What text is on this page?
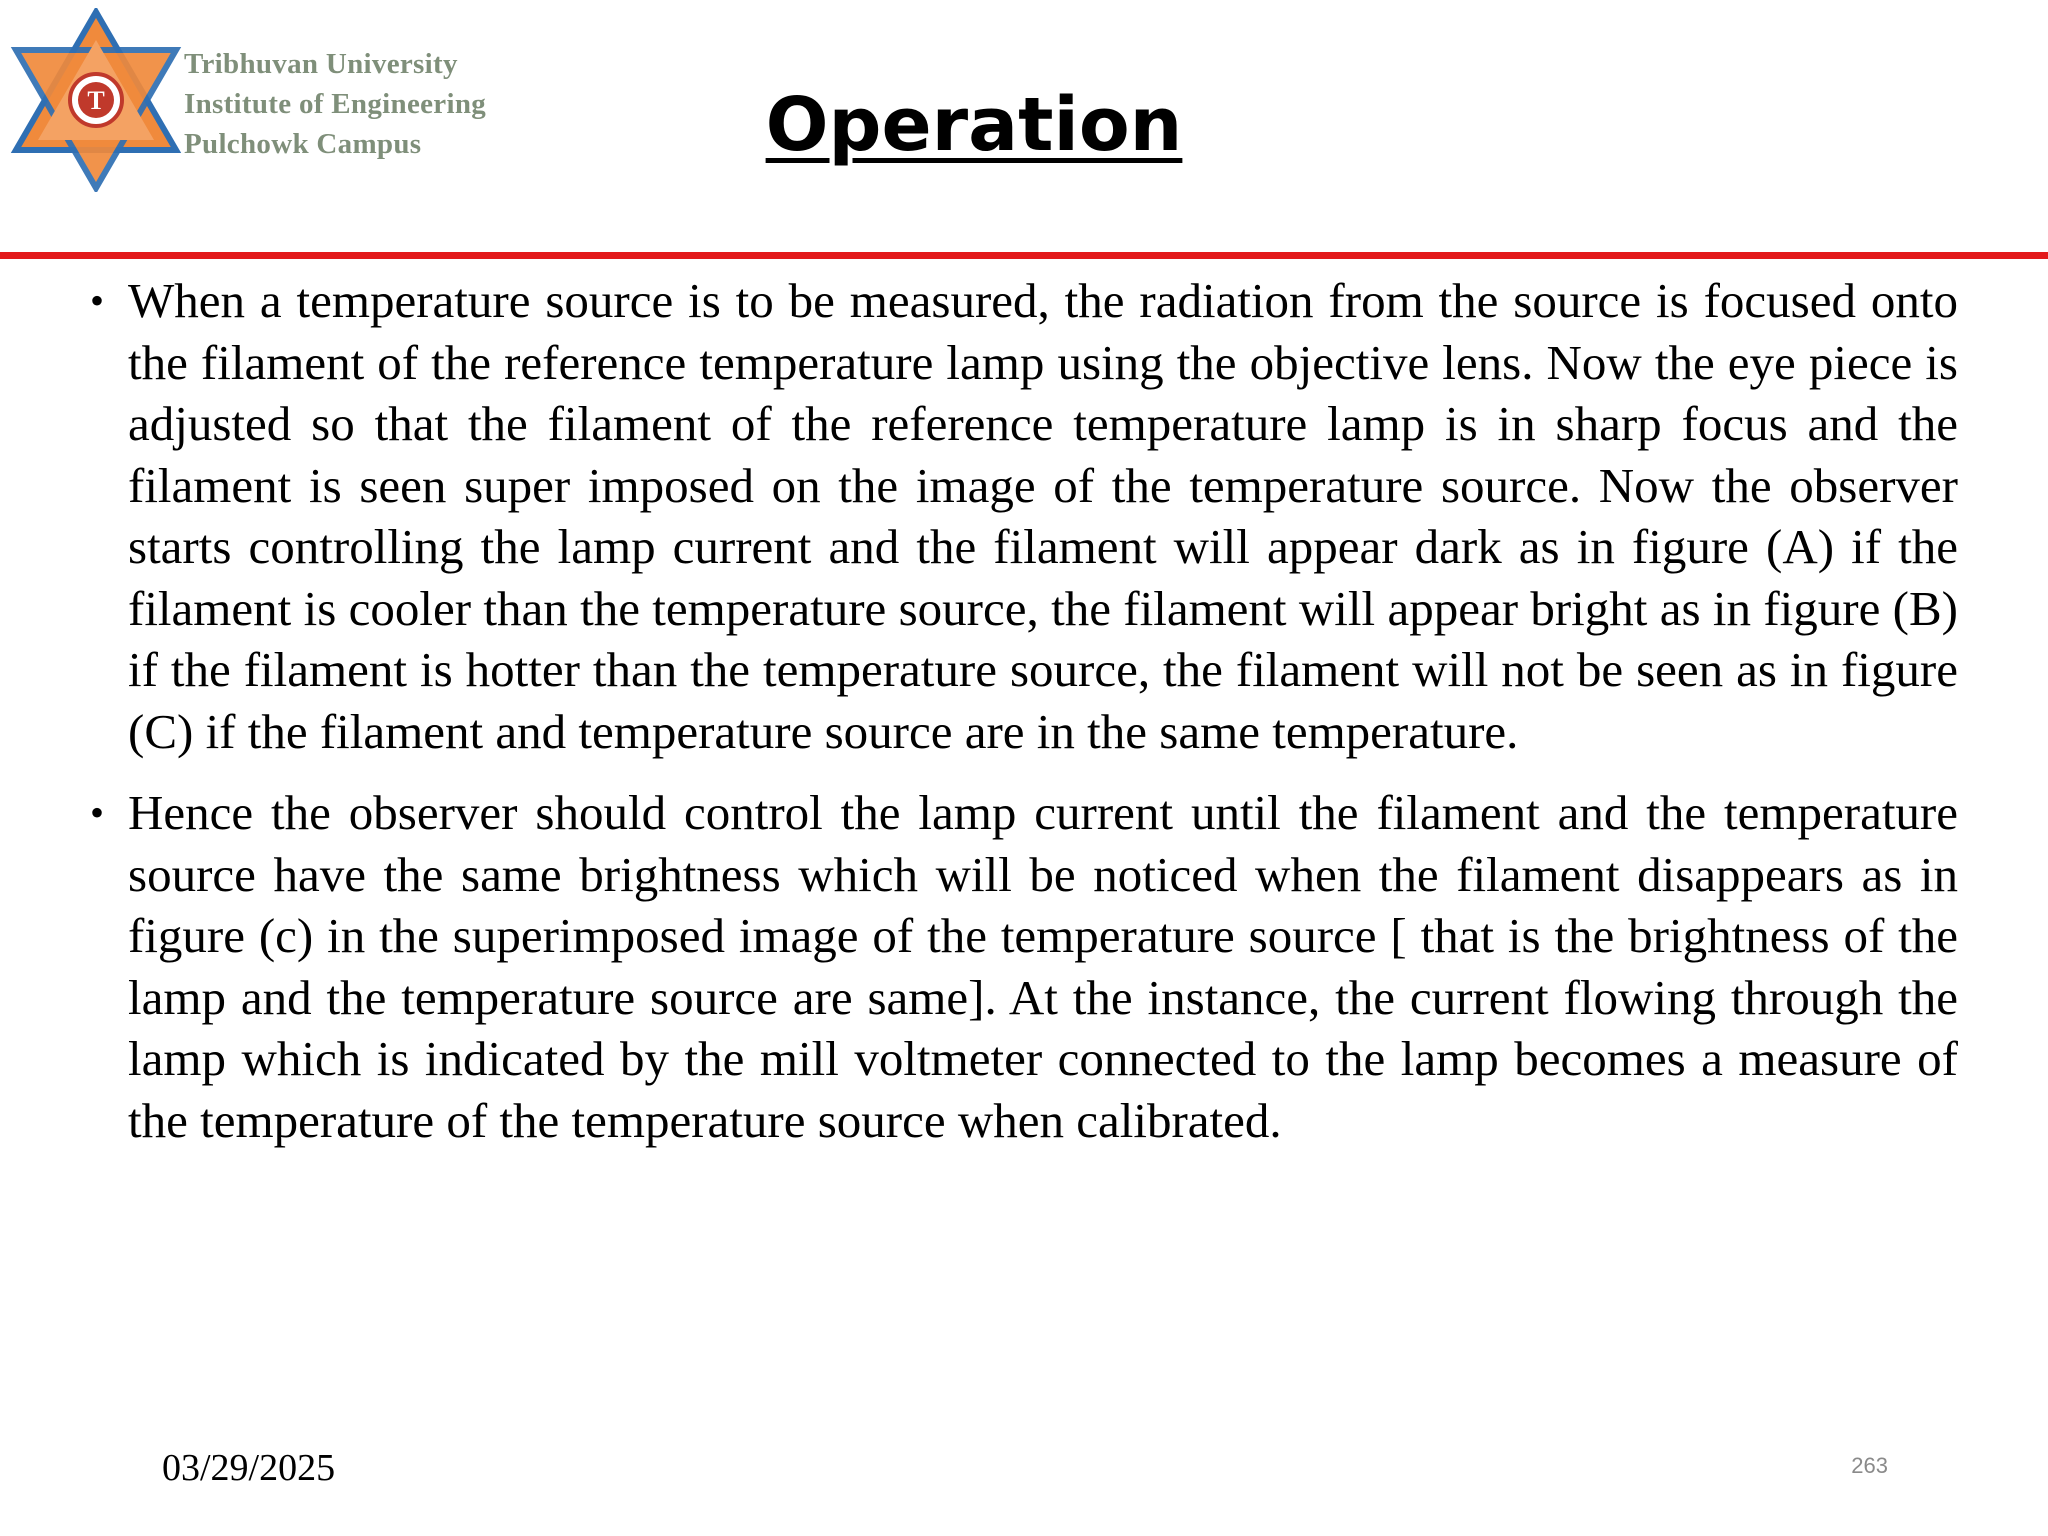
T
Tribhuvan University
Institute of Engineering
Pulchowk Campus	Operation
• When a temperature source is to be measured, the radiation from the source is focused onto the filament of the reference temperature lamp using the objective lens. Now the eye piece is adjusted so that the filament of the reference temperature lamp is in sharp focus and the filament is seen super imposed on the image of the temperature source. Now the observer starts controlling the lamp current and the filament will appear dark as in figure (A) if the filament is cooler than the temperature source, the filament will appear bright as in figure (B) if the filament is hotter than the temperature source, the filament will not be seen as in figure (C) if the filament and temperature source are in the same temperature.
• Hence the observer should control the lamp current until the filament and the temperature source have the same brightness which will be noticed when the filament disappears as in figure (c) in the superimposed image of the temperature source [ that is the brightness of the lamp and the temperature source are same]. At the instance, the current flowing through the lamp which is indicated by the mill voltmeter connected to the lamp becomes a measure of the temperature of the temperature source when calibrated.
03/29/2025	263
